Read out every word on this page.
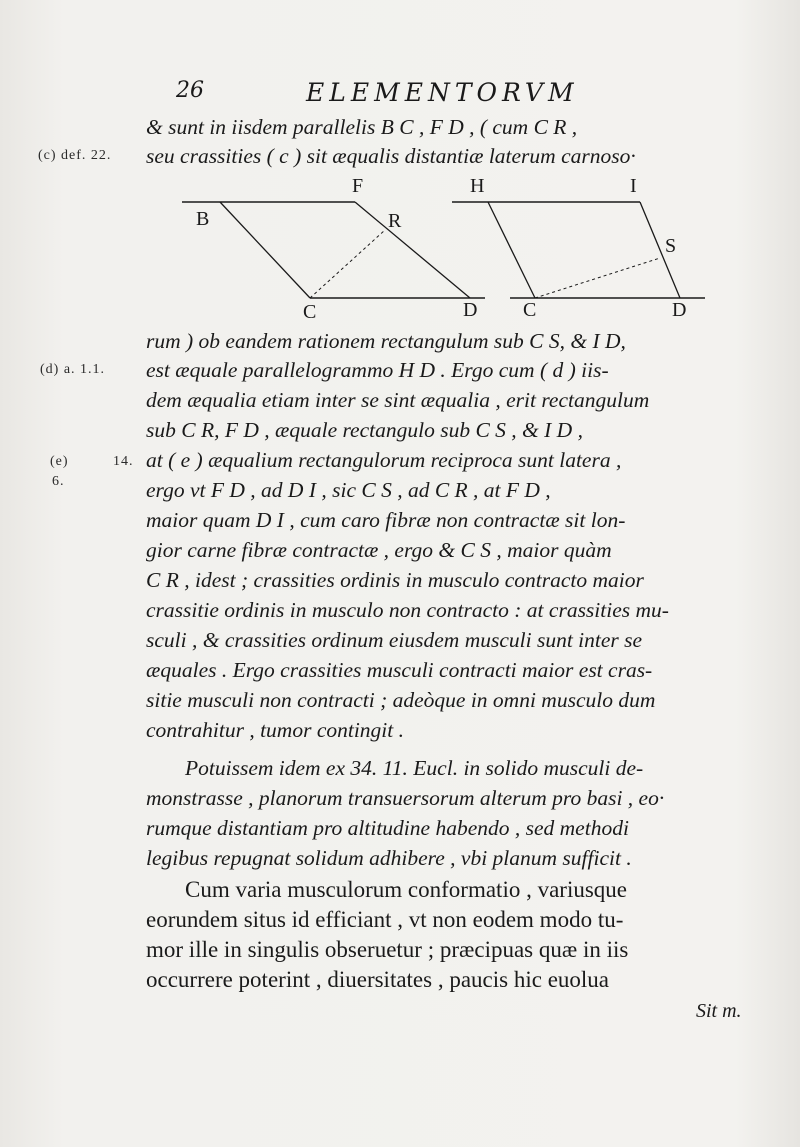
26	ELEMENTORVM
& sunt in iisdem parallelis B C , F D , ( cum C R ,
seu crassities ( c ) sit æqualis distantiæ laterum carnoso·
F	H	I
B	R
S
C	D C	D
rum ) ob eandem rationem rectangulum sub C S, & I D,
est æquale parallelogrammo H D . Ergo cum ( d ) iis-
dem æqualia etiam inter se sint æqualia , erit rectangulum
sub C R, F D , æquale rectangulo sub C S , & I D ,
at ( e ) æqualium rectangulorum reciproca sunt latera ,
ergo vt F D , ad D I , sic C S , ad C R , at F D ,
maior quam D I , cum caro fibræ non contractæ sit lon-
gior carne fibræ contractæ , ergo & C S , maior quàm
C R , idest ; crassities ordinis in musculo contracto maior
crassitie ordinis in musculo non contracto : at crassities mu-
sculi , & crassities ordinum eiusdem musculi sunt inter se
æquales . Ergo crassities musculi contracti maior est cras-
sitie musculi non contracti ; adeòque in omni musculo dum
contrahitur , tumor contingit .
Potuissem idem ex 34. 11. Eucl. in solido musculi de-
monstrasse , planorum transuersorum alterum pro basi , eo·
rumque distantiam pro altitudine habendo , sed methodi
legibus repugnat solidum adhibere , vbi planum sufficit .
Cum varia musculorum conformatio , variusque
eorundem situs id efficiant , vt non eodem modo tu-
mor ille in singulis obseruetur ; præcipuas quæ in iis
occurrere poterint , diuersitates , paucis hic euolua
(c) def. 22.
(d) a. 1.1.
(e)	14.
6.
Sit m.
